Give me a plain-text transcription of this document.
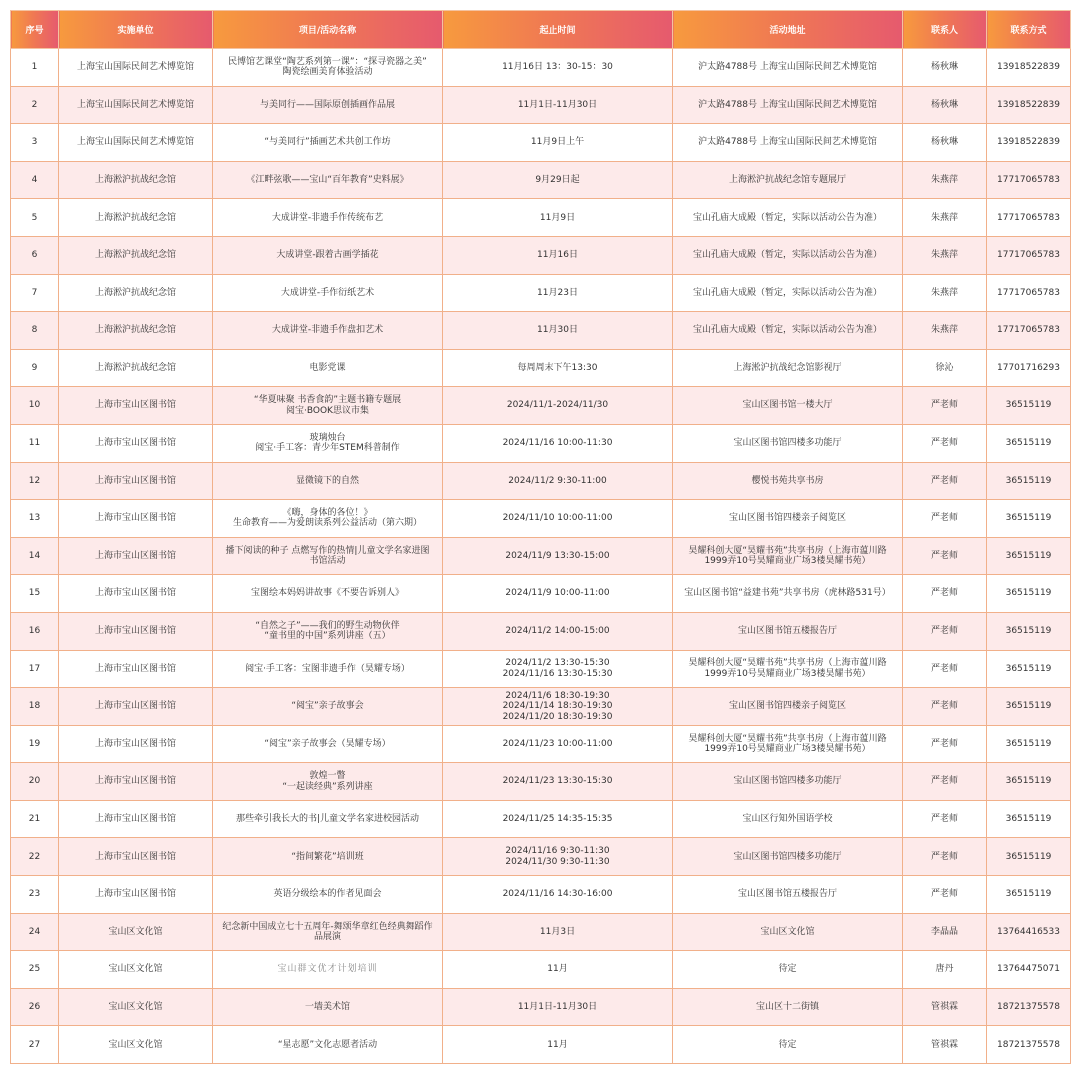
序号	实施单位	项目/活动名称	起止时间	活动地址	联系人	联系方式
1	上海宝山国际民间艺术博览馆	民博馆艺课堂“陶艺系列第一课”：“探寻瓷器之美”
陶瓷绘画美育体验活动	11月16日 13：30-15：30	沪太路4788号 上海宝山国际民间艺术博览馆	杨秋琳	13918522839
2	上海宝山国际民间艺术博览馆	与美同行——国际原创插画作品展	11月1日-11月30日	沪太路4788号 上海宝山国际民间艺术博览馆	杨秋琳	13918522839
3	上海宝山国际民间艺术博览馆	“与美同行”插画艺术共创工作坊	11月9日上午	沪太路4788号 上海宝山国际民间艺术博览馆	杨秋琳	13918522839
4	上海淞沪抗战纪念馆	《江畔弦歌——宝山“百年教育”史料展》	9月29日起	上海淞沪抗战纪念馆专题展厅	朱燕萍	17717065783
5	上海淞沪抗战纪念馆	大成讲堂-非遗手作传统布艺	11月9日	宝山孔庙大成殿（暂定，实际以活动公告为准）	朱燕萍	17717065783
6	上海淞沪抗战纪念馆	大成讲堂-跟着古画学插花	11月16日	宝山孔庙大成殿（暂定，实际以活动公告为准）	朱燕萍	17717065783
7	上海淞沪抗战纪念馆	大成讲堂-手作衍纸艺术	11月23日	宝山孔庙大成殿（暂定，实际以活动公告为准）	朱燕萍	17717065783
8	上海淞沪抗战纪念馆	大成讲堂-非遗手作盘扣艺术	11月30日	宝山孔庙大成殿（暂定，实际以活动公告为准）	朱燕萍	17717065783
9	上海淞沪抗战纪念馆	电影党课	每周周末下午13:30	上海淞沪抗战纪念馆影视厅	徐沁	17701716293
10	上海市宝山区图书馆	“华夏味聚 书香食韵”主题书籍专题展
阅宝·BOOK思议市集	2024/11/1-2024/11/30	宝山区图书馆一楼大厅	严老师	36515119
11	上海市宝山区图书馆	玻璃烛台
阅宝·手工客：青少年STEM科普制作	2024/11/16 10:00-11:30	宝山区图书馆四楼多功能厅	严老师	36515119
12	上海市宝山区图书馆	显微镜下的自然	2024/11/2 9:30-11:00	樱悦书苑共享书房	严老师	36515119
13	上海市宝山区图书馆	《嗨，身体的各位！》
生命教育——为爱朗读系列公益活动（第六期）	2024/11/10 10:00-11:00	宝山区图书馆四楼亲子阅览区	严老师	36515119
14	上海市宝山区图书馆	播下阅读的种子 点燃写作的热情|儿童文学名家进图
书馆活动	2024/11/9 13:30-15:00	昊耀科创大厦“昊耀书苑”共享书房（上海市蕰川路
1999弄10号昊耀商业广场3楼昊耀书苑）	严老师	36515119
15	上海市宝山区图书馆	宝图绘本妈妈讲故事《不要告诉别人》	2024/11/9 10:00-11:00	宝山区图书馆“益建书苑”共享书房（虎林路531号）	严老师	36515119
16	上海市宝山区图书馆	“自然之子”——我们的野生动物伙伴
“童书里的中国”系列讲座（五）	2024/11/2 14:00-15:00	宝山区图书馆五楼报告厅	严老师	36515119
17	上海市宝山区图书馆	阅宝·手工客：宝图非遗手作（昊耀专场）	2024/11/2 13:30-15:30
2024/11/16 13:30-15:30	昊耀科创大厦“昊耀书苑”共享书房（上海市蕰川路
1999弄10号昊耀商业广场3楼昊耀书苑）	严老师	36515119
18	上海市宝山区图书馆	“阅宝”亲子故事会	2024/11/6 18:30-19:30
2024/11/14 18:30-19:30
2024/11/20 18:30-19:30	宝山区图书馆四楼亲子阅览区	严老师	36515119
19	上海市宝山区图书馆	“阅宝”亲子故事会（昊耀专场）	2024/11/23 10:00-11:00	昊耀科创大厦“昊耀书苑”共享书房（上海市蕰川路
1999弄10号昊耀商业广场3楼昊耀书苑）	严老师	36515119
20	上海市宝山区图书馆	敦煌一瞥
“一起读经典”系列讲座	2024/11/23 13:30-15:30	宝山区图书馆四楼多功能厅	严老师	36515119
21	上海市宝山区图书馆	那些牵引我长大的书|儿童文学名家进校园活动	2024/11/25 14:35-15:35	宝山区行知外国语学校	严老师	36515119
22	上海市宝山区图书馆	“指间繁花”培训班	2024/11/16 9:30-11:30
2024/11/30 9:30-11:30	宝山区图书馆四楼多功能厅	严老师	36515119
23	上海市宝山区图书馆	英语分级绘本的作者见面会	2024/11/16 14:30-16:00	宝山区图书馆五楼报告厅	严老师	36515119
24	宝山区文化馆	纪念新中国成立七十五周年-舞颂华章红色经典舞蹈作
品展演	11月3日	宝山区文化馆	李晶晶	13764416533
25	宝山区文化馆	宝山群文优才计划培训	11月	待定	唐丹	13764475071
26	宝山区文化馆	一墙美术馆	11月1日-11月30日	宝山区十二街镇	管祺霖	18721375578
27	宝山区文化馆	“星志愿”文化志愿者活动	11月	待定	管祺霖	18721375578
